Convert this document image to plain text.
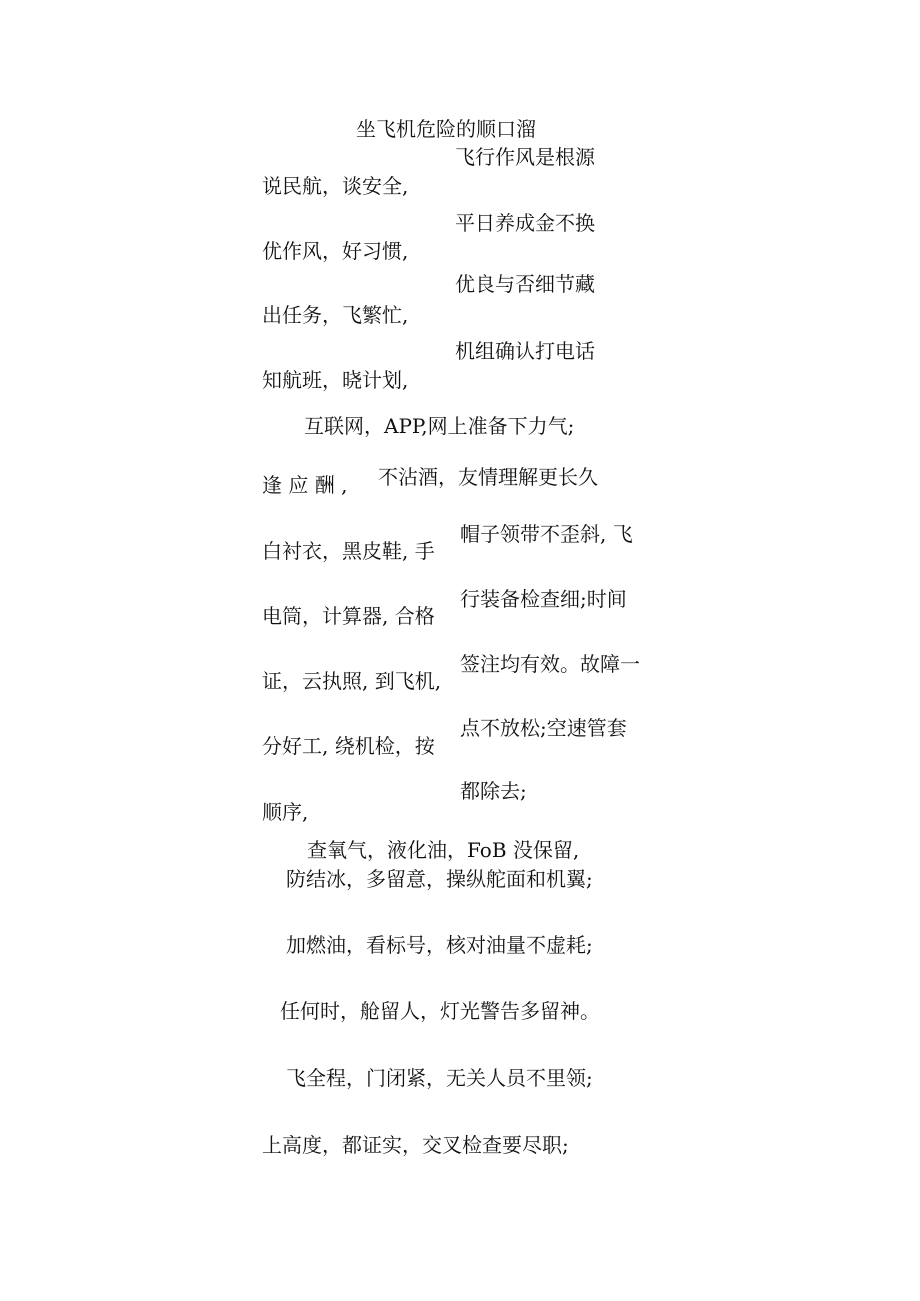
坐飞机危险的顺口溜
飞行作风是根源
说民航，谈安全,
平日养成金不换
优作风，好习惯,
优良与否细节藏
出任务，飞繁忙,
机组确认打电话
知航班，晓计划,
互联网，APP,网上准备下力气;
逢 应 酬 , 不沾酒，友情理解更长久
帽子领带不歪斜, 飞
白衬衣，黑皮鞋, 手
行装备检查细;时间
电筒，计算器, 合格
签注均有效。故障一
证，云执照, 到飞机,
点不放松;空速管套
分好工, 绕机检，按
都除去;
顺序,
查氧气，液化油，FoB 没保留,
防结冰，多留意，操纵舵面和机翼;
加燃油，看标号，核对油量不虚耗;
任何时，舱留人，灯光警告多留神。
飞全程，门闭紧，无关人员不里领;
上高度，都证实，交叉检查要尽职;
